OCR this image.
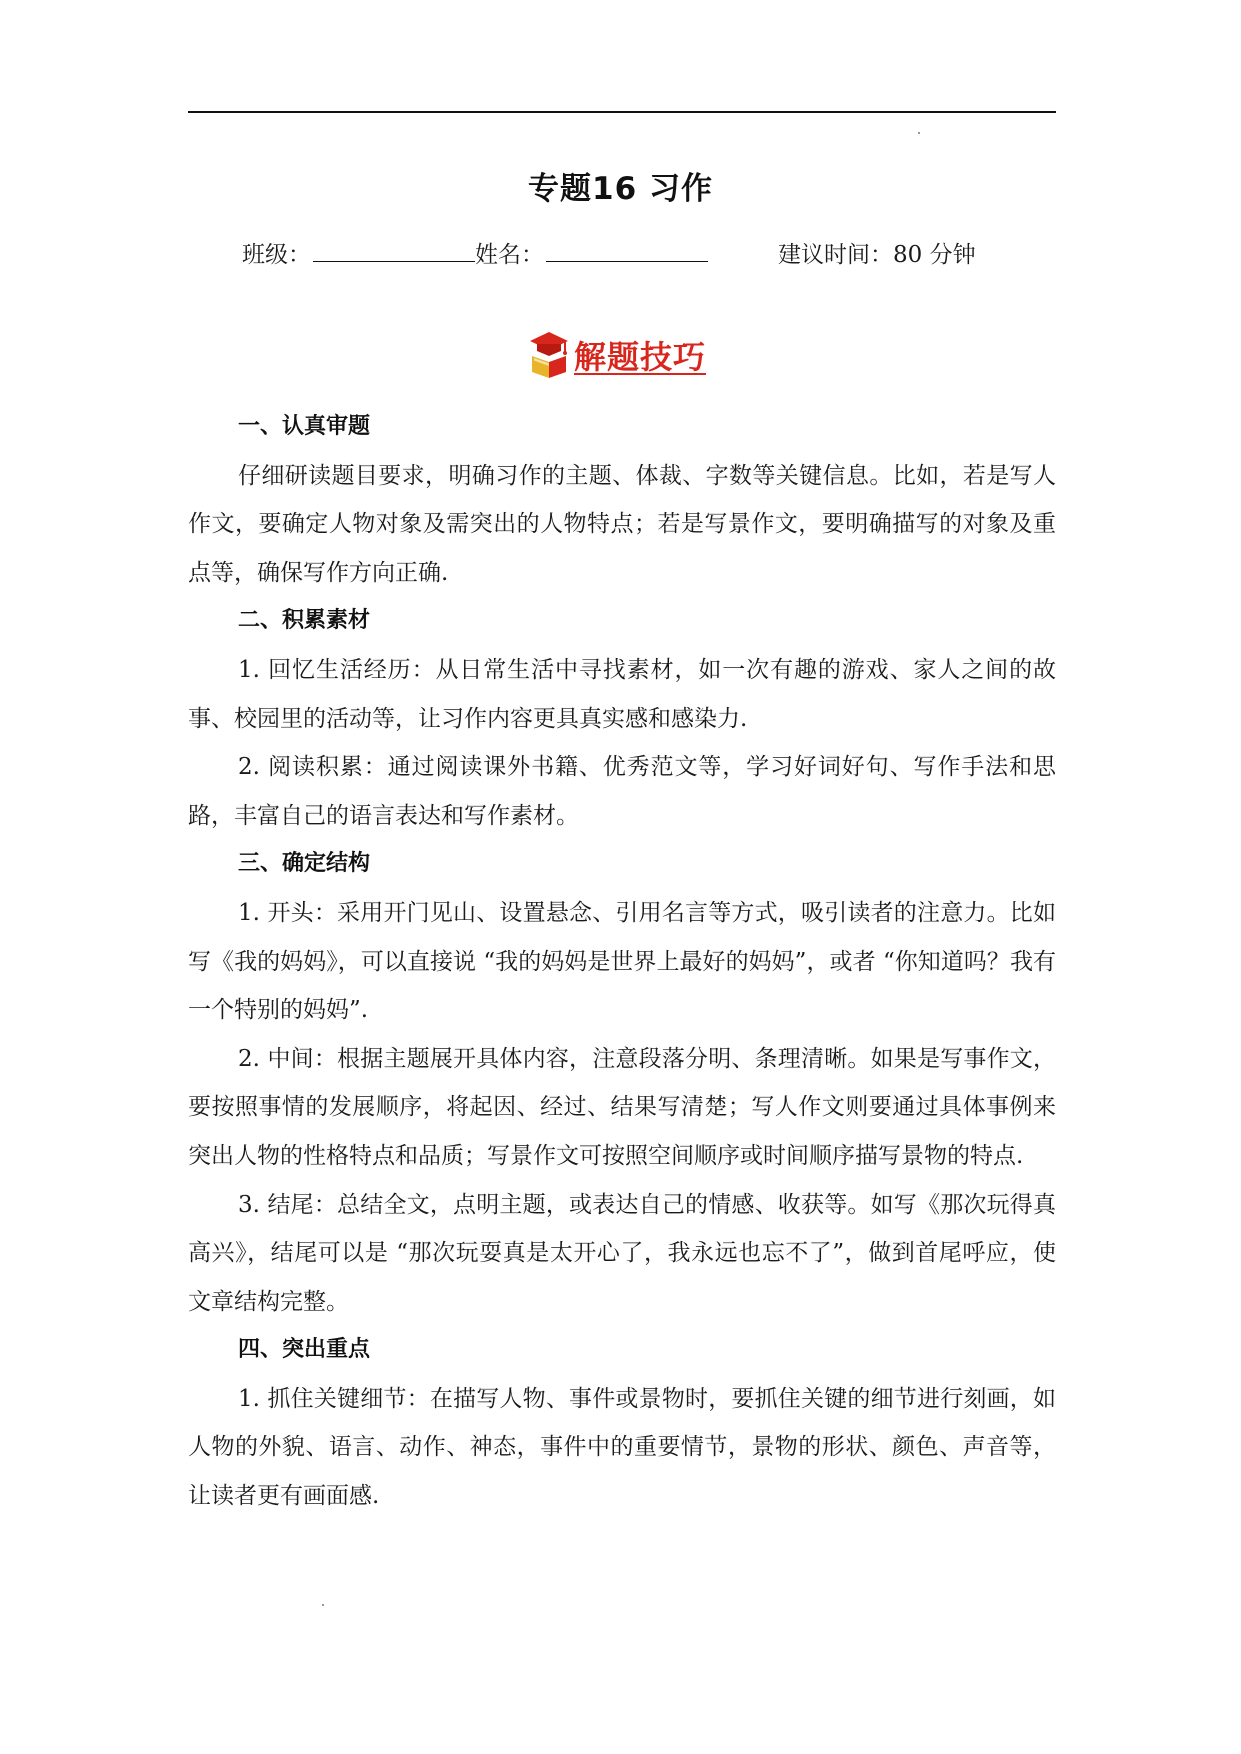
专题16 习作
班级：	姓名：	建议时间：80 分钟
解题技巧
一、认真审题

仔细研读题目要求，明确习作的主题、体裁、字数等关键信息。比如，若是写人作文，要确定人物对象及需突出的人物特点；若是写景作文，要明确描写的对象及重点等，确保写作方向正确.

二、积累素材

1. 回忆生活经历：从日常生活中寻找素材，如一次有趣的游戏、家人之间的故事、校园里的活动等，让习作内容更具真实感和感染力.

2. 阅读积累：通过阅读课外书籍、优秀范文等，学习好词好句、写作手法和思路，丰富自己的语言表达和写作素材。

三、确定结构

1. 开头：采用开门见山、设置悬念、引用名言等方式，吸引读者的注意力。比如写《我的妈妈》，可以直接说 “我的妈妈是世界上最好的妈妈”，或者 “你知道吗？我有一个特别的妈妈”.

2. 中间：根据主题展开具体内容，注意段落分明、条理清晰。如果是写事作文，要按照事情的发展顺序，将起因、经过、结果写清楚；写人作文则要通过具体事例来突出人物的性格特点和品质；写景作文可按照空间顺序或时间顺序描写景物的特点.

3. 结尾：总结全文，点明主题，或表达自己的情感、收获等。如写《那次玩得真高兴》，结尾可以是 “那次玩耍真是太开心了，我永远也忘不了”，做到首尾呼应，使文章结构完整。

四、突出重点

1. 抓住关键细节：在描写人物、事件或景物时，要抓住关键的细节进行刻画，如人物的外貌、语言、动作、神态，事件中的重要情节，景物的形状、颜色、声音等，让读者更有画面感.
